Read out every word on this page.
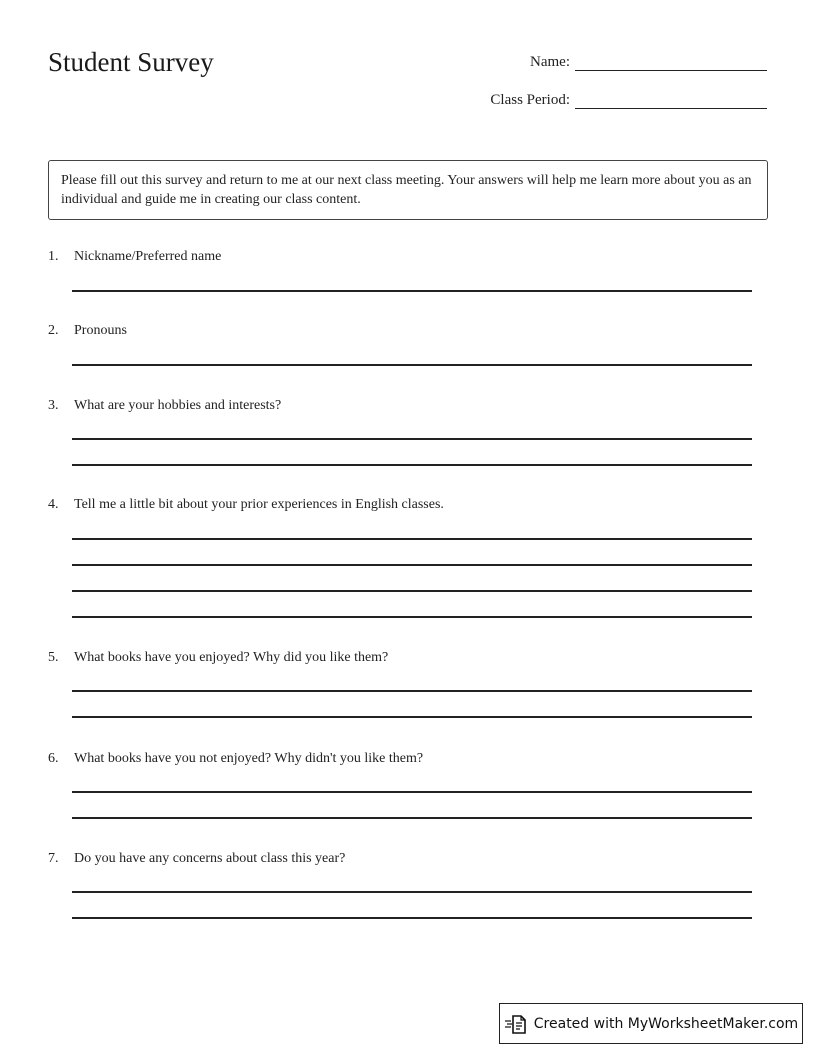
Student Survey	Name:
Class Period:
Please fill out this survey and return to me at our next class meeting. Your answers will help me learn more about you as an individual and guide me in creating our class content.
1. Nickname/Preferred name
2. Pronouns
3. What are your hobbies and interests?
4. Tell me a little bit about your prior experiences in English classes.
5. What books have you enjoyed? Why did you like them?
6. What books have you not enjoyed? Why didn't you like them?
7. Do you have any concerns about class this year?
Created with MyWorksheetMaker.com
